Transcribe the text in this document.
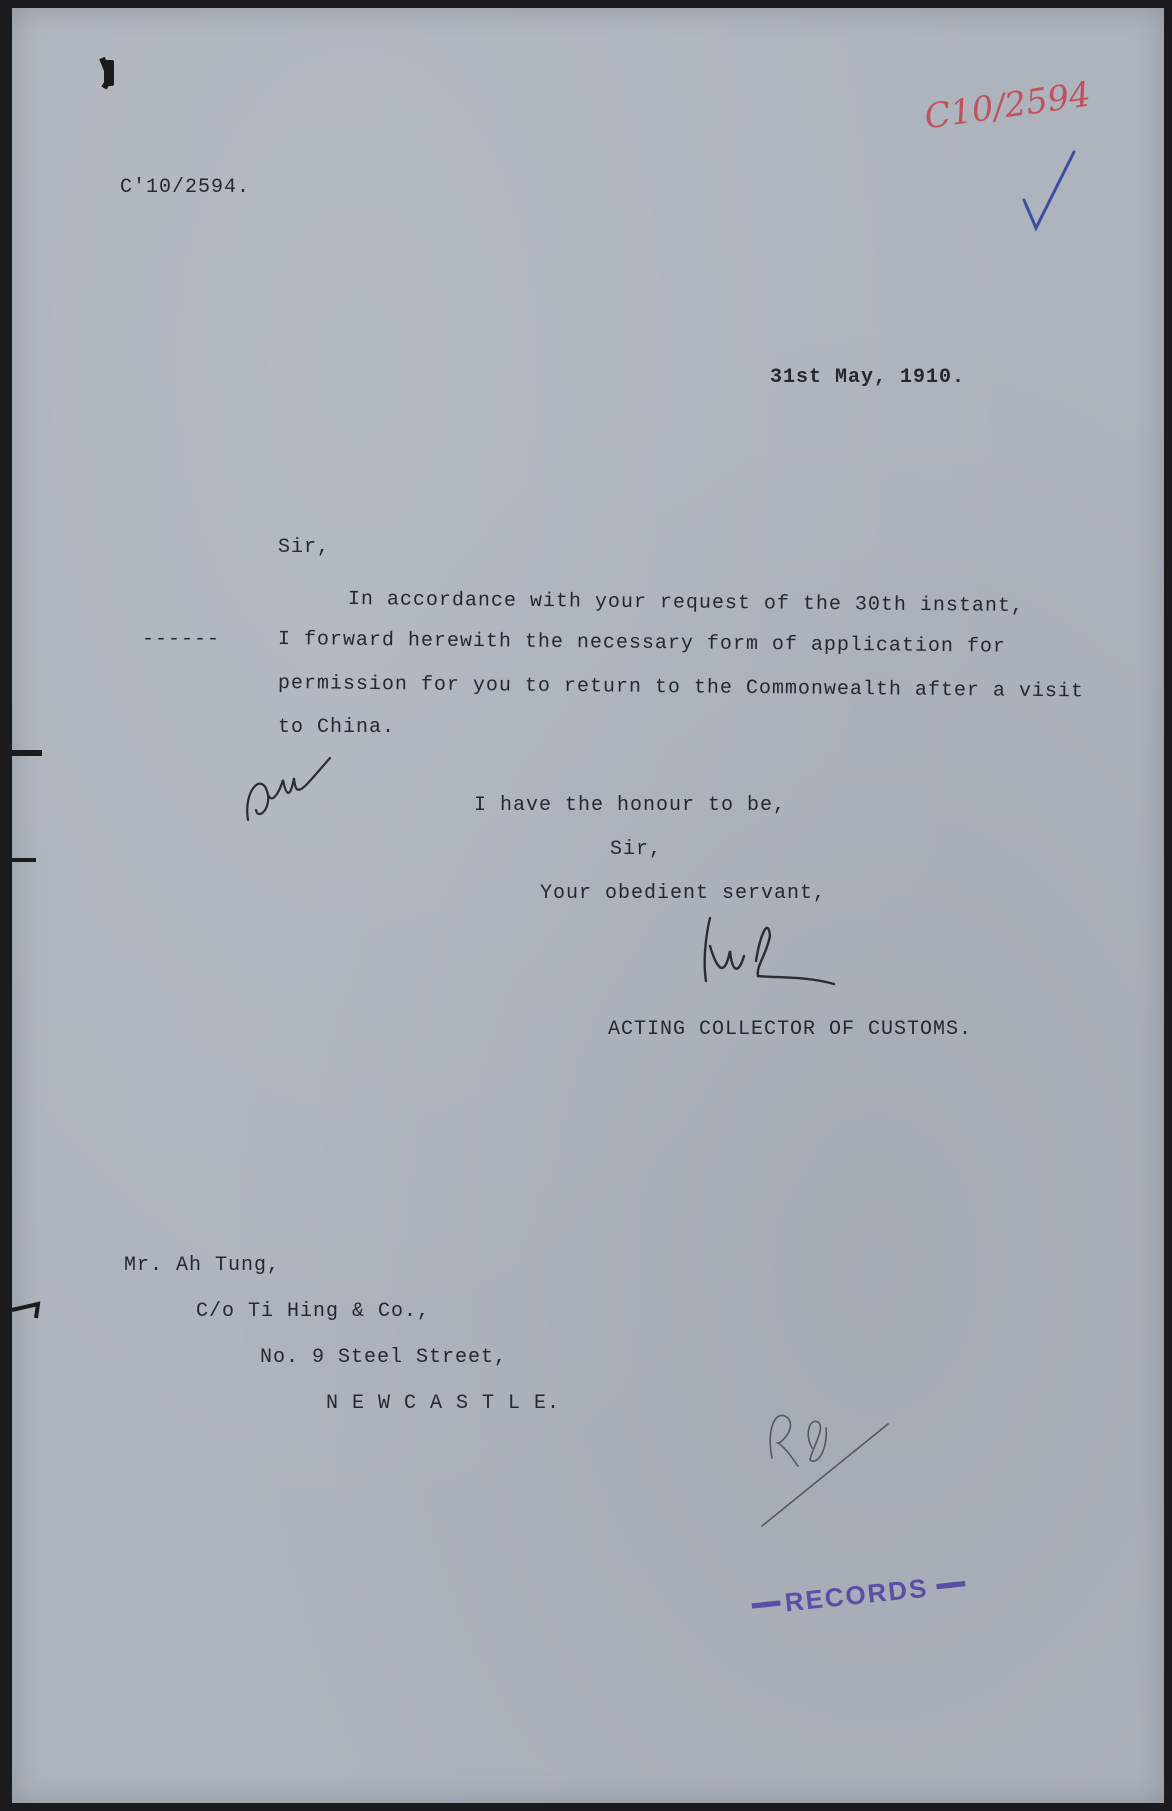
C10/2594
C'10/2594.
31st May, 1910.
Sir,
------
In accordance with your request of the 30th instant,
I forward herewith the necessary form of application for
permission for you to return to the Commonwealth after a visit
to China.
I have the honour to be,
Sir,
Your obedient servant,
ACTING COLLECTOR OF CUSTOMS.
Mr. Ah Tung,
C/o Ti Hing & Co.,
No. 9 Steel Street,
N E W C A S T L E.
━━ RECORDS ━━
